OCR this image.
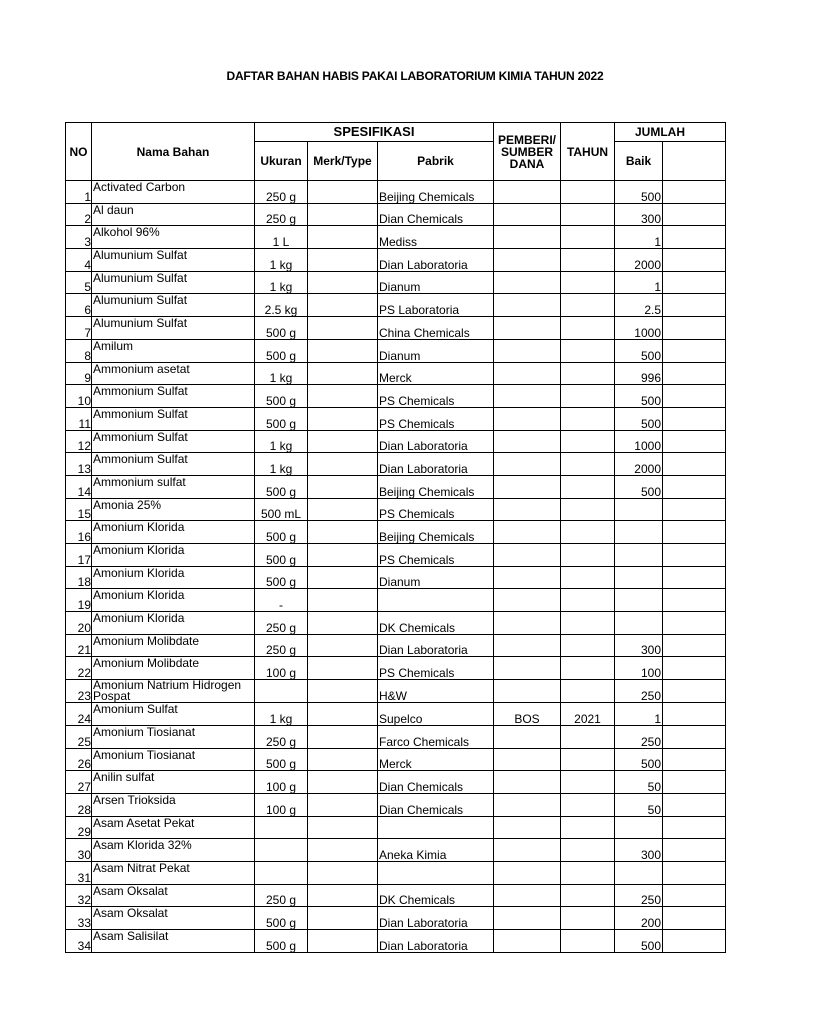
DAFTAR BAHAN HABIS PAKAI LABORATORIUM KIMIA TAHUN 2022
NO	Nama Bahan	SPESIFIKASI			PEMBERI/ SUMBER DANA	TAHUN	JUMLAH	
		Ukuran	Merk/Type	Pabrik			Baik	
1	Activated Carbon	250 g		Beijing Chemicals			500	
2	Al daun	250 g		Dian Chemicals			300	
3	Alkohol 96%	1 L		Mediss			1	
4	Alumunium Sulfat	1 kg		Dian Laboratoria			2000	
5	Alumunium Sulfat	1 kg		Dianum			1	
6	Alumunium Sulfat	2.5 kg		PS Laboratoria			2.5	
7	Alumunium Sulfat	500 g		China Chemicals			1000	
8	Amilum	500 g		Dianum			500	
9	Ammonium asetat	1 kg		Merck			996	
10	Ammonium Sulfat	500 g		PS Chemicals			500	
11	Ammonium Sulfat	500 g		PS Chemicals			500	
12	Ammonium Sulfat	1 kg		Dian Laboratoria			1000	
13	Ammonium Sulfat	1 kg		Dian Laboratoria			2000	
14	Ammonium sulfat	500 g		Beijing Chemicals			500	
15	Amonia 25%	500 mL		PS Chemicals				
16	Amonium Klorida	500 g		Beijing Chemicals				
17	Amonium Klorida	500 g		PS Chemicals				
18	Amonium Klorida	500 g		Dianum				
19	Amonium Klorida	-						
20	Amonium Klorida	250 g		DK Chemicals				
21	Amonium Molibdate	250 g		Dian Laboratoria			300	
22	Amonium Molibdate	100 g		PS Chemicals			100	
23	Amonium Natrium Hidrogen Pospat			H&W			250	
24	Amonium Sulfat	1 kg		Supelco	BOS	2021	1	
25	Amonium Tiosianat	250 g		Farco Chemicals			250	
26	Amonium Tiosianat	500 g		Merck			500	
27	Anilin sulfat	100 g		Dian Chemicals			50	
28	Arsen Trioksida	100 g		Dian Chemicals			50	
29	Asam Asetat Pekat							
30	Asam Klorida 32%			Aneka Kimia			300	
31	Asam Nitrat Pekat							
32	Asam Oksalat	250 g		DK Chemicals			250	
33	Asam Oksalat	500 g		Dian Laboratoria			200	
34	Asam Salisilat	500 g		Dian Laboratoria			500	
